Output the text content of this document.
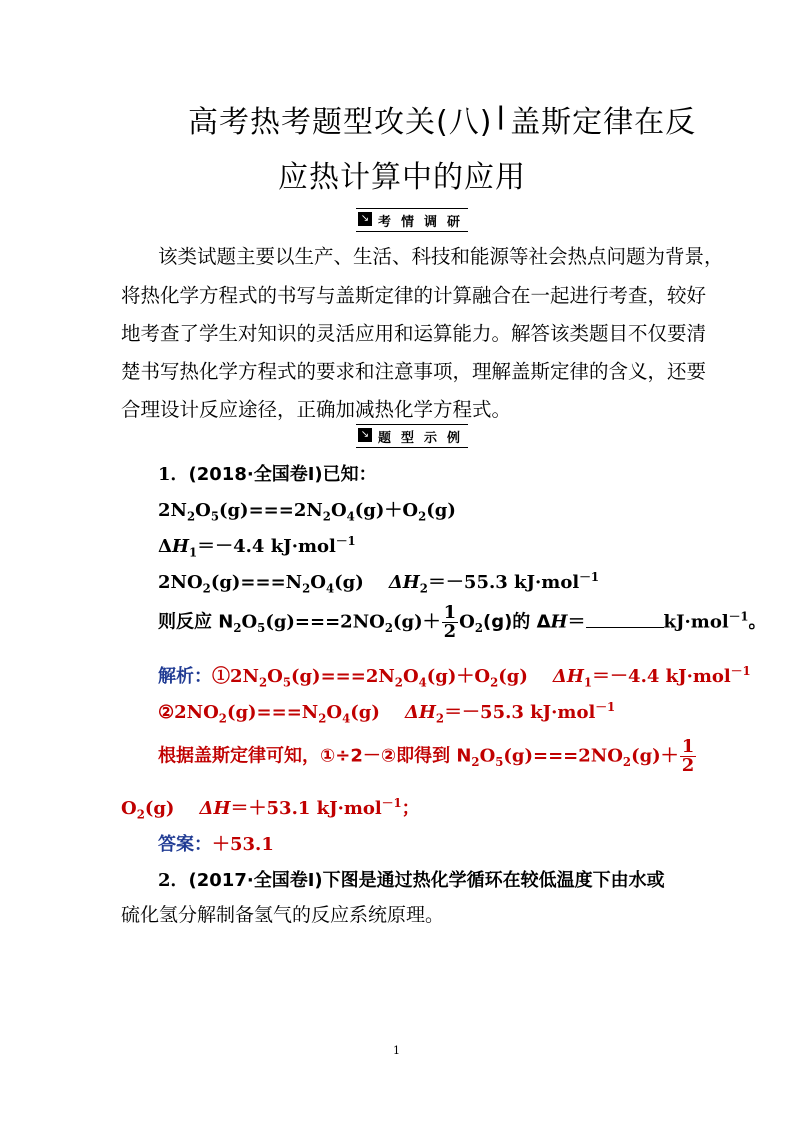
高考热考题型攻关(八) | 盖斯定律在反
应热计算中的应用
↘ 考情调研
该类试题主要以生产、生活、科技和能源等社会热点问题为背景，
将热化学方程式的书写与盖斯定律的计算融合在一起进行考查，较好
地考查了学生对知识的灵活应用和运算能力。解答该类题目不仅要清
楚书写热化学方程式的要求和注意事项，理解盖斯定律的含义，还要
合理设计反应途径，正确加减热化学方程式。
↘ 题型示例
1．(2018·全国卷Ⅰ)已知：
$2N_2O_5(g)===2N_2O_4(g)+O_2(g)$
$\Delta H_1=-4.4$ kJ·mol$^{-1}$
$2NO_2(g)===N_2O_4(g)$ $\Delta H_2=-55.3$ kJ·mol$^{-1}$
则反应 $N_2O_5(g)===2NO_2(g)+ \frac{1}{2} O_2(g)$的 ΔH＝	kJ·mol$^{-1}$。
解析：$①2N_2O_5(g)===2N_2O_4(g)+O_2(g)$ $\Delta H_1=-4.4$ kJ·mol$^{-1}$
$②2NO_2(g)===N_2O_4(g)$ $\Delta H_2=-55.3$ kJ·mol$^{-1}$
根据盖斯定律可知，①÷2－②即得到 $N_2O_5(g)===2NO_2(g)+ \frac{1}{2}$
$O_2(g)$ ΔH＝＋53.1 kJ·mol$^{-1}$；
答案：＋53.1
2．(2017·全国卷Ⅰ)下图是通过热化学循环在较低温度下由水或
硫化氢分解制备氢气的反应系统原理。
1
